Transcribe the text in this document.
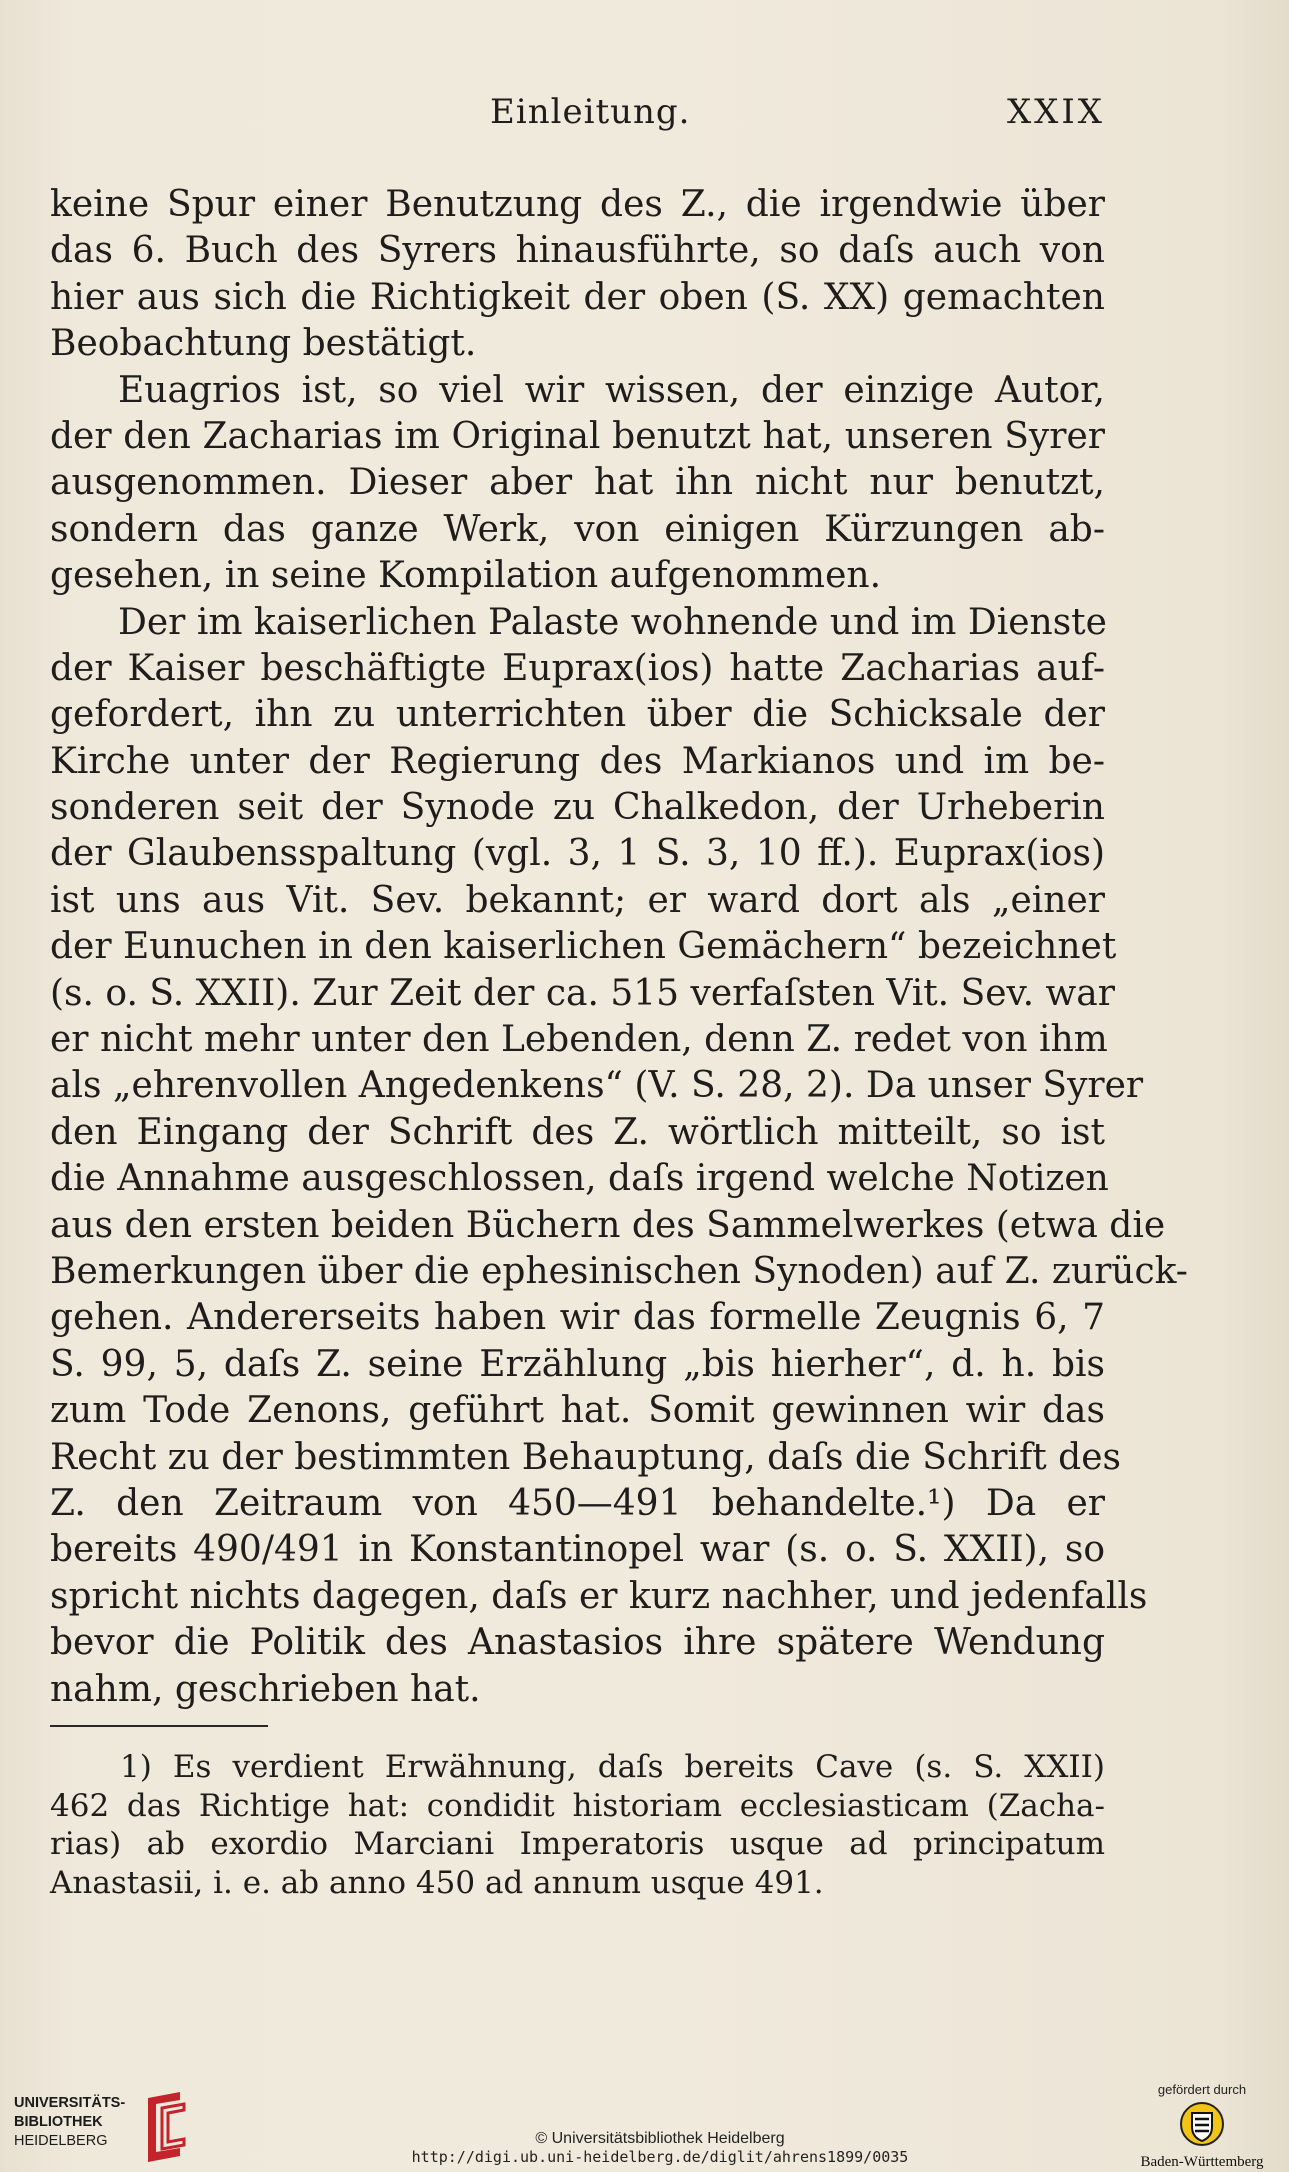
Einleitung.	XXIX
keine Spur einer Benutzung des Z., die irgendwie über
das 6. Buch des Syrers hinausführte, so daſs auch von
hier aus sich die Richtigkeit der oben (S. XX) gemachten
Beobachtung bestätigt.
Euagrios ist, so viel wir wissen, der einzige Autor,
der den Zacharias im Original benutzt hat, unseren Syrer
ausgenommen. Dieser aber hat ihn nicht nur benutzt,
sondern das ganze Werk, von einigen Kürzungen ab-
gesehen, in seine Kompilation aufgenommen.
Der im kaiserlichen Palaste wohnende und im Dienste
der Kaiser beschäftigte Euprax(ios) hatte Zacharias auf-
gefordert, ihn zu unterrichten über die Schicksale der
Kirche unter der Regierung des Markianos und im be-
sonderen seit der Synode zu Chalkedon, der Urheberin
der Glaubensspaltung (vgl. 3, 1 S. 3, 10 ff.). Euprax(ios)
ist uns aus Vit. Sev. bekannt; er ward dort als „einer
der Eunuchen in den kaiserlichen Gemächern“ bezeichnet
(s. o. S. XXII). Zur Zeit der ca. 515 verfaſsten Vit. Sev. war
er nicht mehr unter den Lebenden, denn Z. redet von ihm
als „ehrenvollen Angedenkens“ (V. S. 28, 2). Da unser Syrer
den Eingang der Schrift des Z. wörtlich mitteilt, so ist
die Annahme ausgeschlossen, daſs irgend welche Notizen
aus den ersten beiden Büchern des Sammelwerkes (etwa die
Bemerkungen über die ephesinischen Synoden) auf Z. zurück-
gehen. Andererseits haben wir das formelle Zeugnis 6, 7
S. 99, 5, daſs Z. seine Erzählung „bis hierher“, d. h. bis
zum Tode Zenons, geführt hat. Somit gewinnen wir das
Recht zu der bestimmten Behauptung, daſs die Schrift des
Z. den Zeitraum von 450—491 behandelte.¹) Da er
bereits 490/491 in Konstantinopel war (s. o. S. XXII), so
spricht nichts dagegen, daſs er kurz nachher, und jedenfalls
bevor die Politik des Anastasios ihre spätere Wendung
nahm, geschrieben hat.
1) Es verdient Erwähnung, daſs bereits Cave (s. S. XXII)
462 das Richtige hat: condidit historiam ecclesiasticam (Zacha-
rias) ab exordio Marciani Imperatoris usque ad principatum
Anastasii, i. e. ab anno 450 ad annum usque 491.
UNIVERSITÄTS-
BIBLIOTHEK
HEIDELBERG	© Universitätsbibliothek Heidelberg
http://digi.ub.uni-heidelberg.de/diglit/ahrens1899/0035
gefördert durch
Baden-Württemberg
